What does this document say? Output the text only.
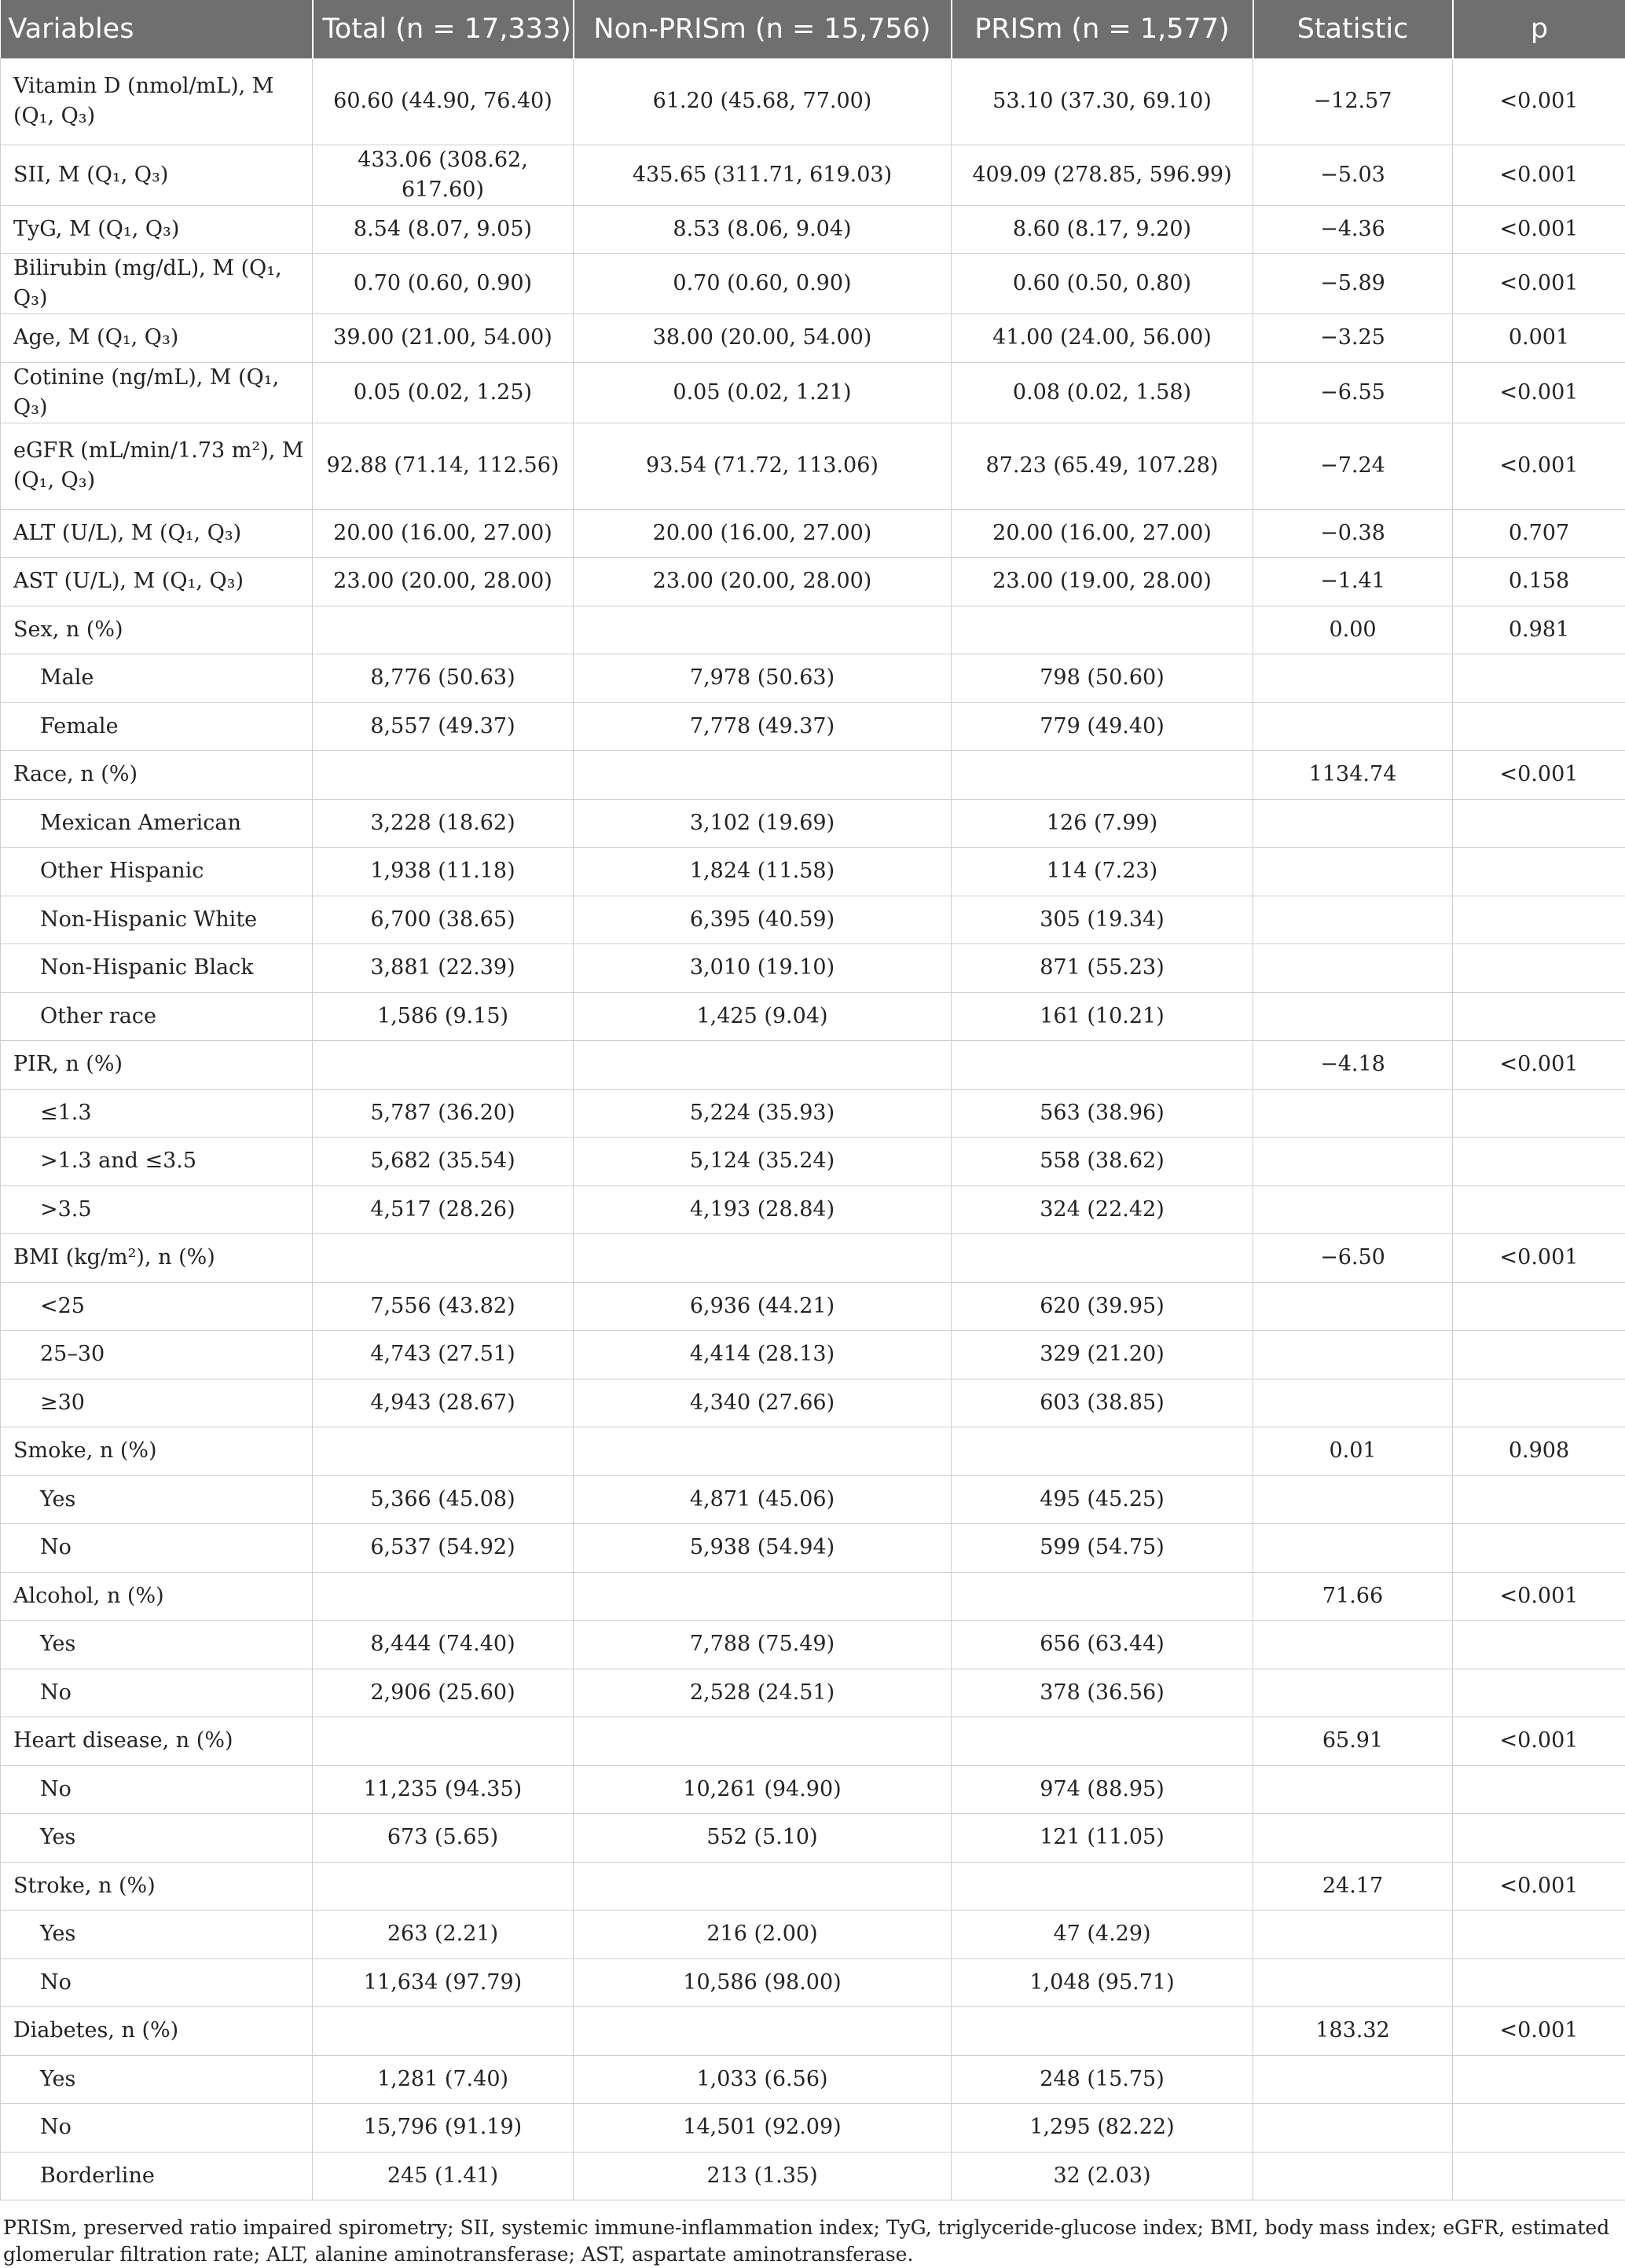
Variables	Total (n = 17,333)	Non-PRISm (n = 15,756)	PRISm (n = 1,577)	Statistic	p
Vitamin D (nmol/mL), M (Q₁, Q₃)	60.60 (44.90, 76.40)	61.20 (45.68, 77.00)	53.10 (37.30, 69.10)	−12.57	<0.001
SII, M (Q₁, Q₃)	433.06 (308.62, 617.60)	435.65 (311.71, 619.03)	409.09 (278.85, 596.99)	−5.03	<0.001
TyG, M (Q₁, Q₃)	8.54 (8.07, 9.05)	8.53 (8.06, 9.04)	8.60 (8.17, 9.20)	−4.36	<0.001
Bilirubin (mg/dL), M (Q₁, Q₃)	0.70 (0.60, 0.90)	0.70 (0.60, 0.90)	0.60 (0.50, 0.80)	−5.89	<0.001
Age, M (Q₁, Q₃)	39.00 (21.00, 54.00)	38.00 (20.00, 54.00)	41.00 (24.00, 56.00)	−3.25	0.001
Cotinine (ng/mL), M (Q₁, Q₃)	0.05 (0.02, 1.25)	0.05 (0.02, 1.21)	0.08 (0.02, 1.58)	−6.55	<0.001
eGFR (mL/min/1.73 m²), M (Q₁, Q₃)	92.88 (71.14, 112.56)	93.54 (71.72, 113.06)	87.23 (65.49, 107.28)	−7.24	<0.001
ALT (U/L), M (Q₁, Q₃)	20.00 (16.00, 27.00)	20.00 (16.00, 27.00)	20.00 (16.00, 27.00)	−0.38	0.707
AST (U/L), M (Q₁, Q₃)	23.00 (20.00, 28.00)	23.00 (20.00, 28.00)	23.00 (19.00, 28.00)	−1.41	0.158
Sex, n (%)				0.00	0.981
Male	8,776 (50.63)	7,978 (50.63)	798 (50.60)		
Female	8,557 (49.37)	7,778 (49.37)	779 (49.40)		
Race, n (%)				1134.74	<0.001
Mexican American	3,228 (18.62)	3,102 (19.69)	126 (7.99)		
Other Hispanic	1,938 (11.18)	1,824 (11.58)	114 (7.23)		
Non-Hispanic White	6,700 (38.65)	6,395 (40.59)	305 (19.34)		
Non-Hispanic Black	3,881 (22.39)	3,010 (19.10)	871 (55.23)		
Other race	1,586 (9.15)	1,425 (9.04)	161 (10.21)		
PIR, n (%)				−4.18	<0.001
≤1.3	5,787 (36.20)	5,224 (35.93)	563 (38.96)		
>1.3 and ≤3.5	5,682 (35.54)	5,124 (35.24)	558 (38.62)		
>3.5	4,517 (28.26)	4,193 (28.84)	324 (22.42)		
BMI (kg/m²), n (%)				−6.50	<0.001
<25	7,556 (43.82)	6,936 (44.21)	620 (39.95)		
25–30	4,743 (27.51)	4,414 (28.13)	329 (21.20)		
≥30	4,943 (28.67)	4,340 (27.66)	603 (38.85)		
Smoke, n (%)				0.01	0.908
Yes	5,366 (45.08)	4,871 (45.06)	495 (45.25)		
No	6,537 (54.92)	5,938 (54.94)	599 (54.75)		
Alcohol, n (%)				71.66	<0.001
Yes	8,444 (74.40)	7,788 (75.49)	656 (63.44)		
No	2,906 (25.60)	2,528 (24.51)	378 (36.56)		
Heart disease, n (%)				65.91	<0.001
No	11,235 (94.35)	10,261 (94.90)	974 (88.95)		
Yes	673 (5.65)	552 (5.10)	121 (11.05)		
Stroke, n (%)				24.17	<0.001
Yes	263 (2.21)	216 (2.00)	47 (4.29)		
No	11,634 (97.79)	10,586 (98.00)	1,048 (95.71)		
Diabetes, n (%)				183.32	<0.001
Yes	1,281 (7.40)	1,033 (6.56)	248 (15.75)		
No	15,796 (91.19)	14,501 (92.09)	1,295 (82.22)		
Borderline	245 (1.41)	213 (1.35)	32 (2.03)		
PRISm, preserved ratio impaired spirometry; SII, systemic immune-inflammation index; TyG, triglyceride-glucose index; BMI, body mass index; eGFR, estimated glomerular filtration rate; ALT, alanine aminotransferase; AST, aspartate aminotransferase.
